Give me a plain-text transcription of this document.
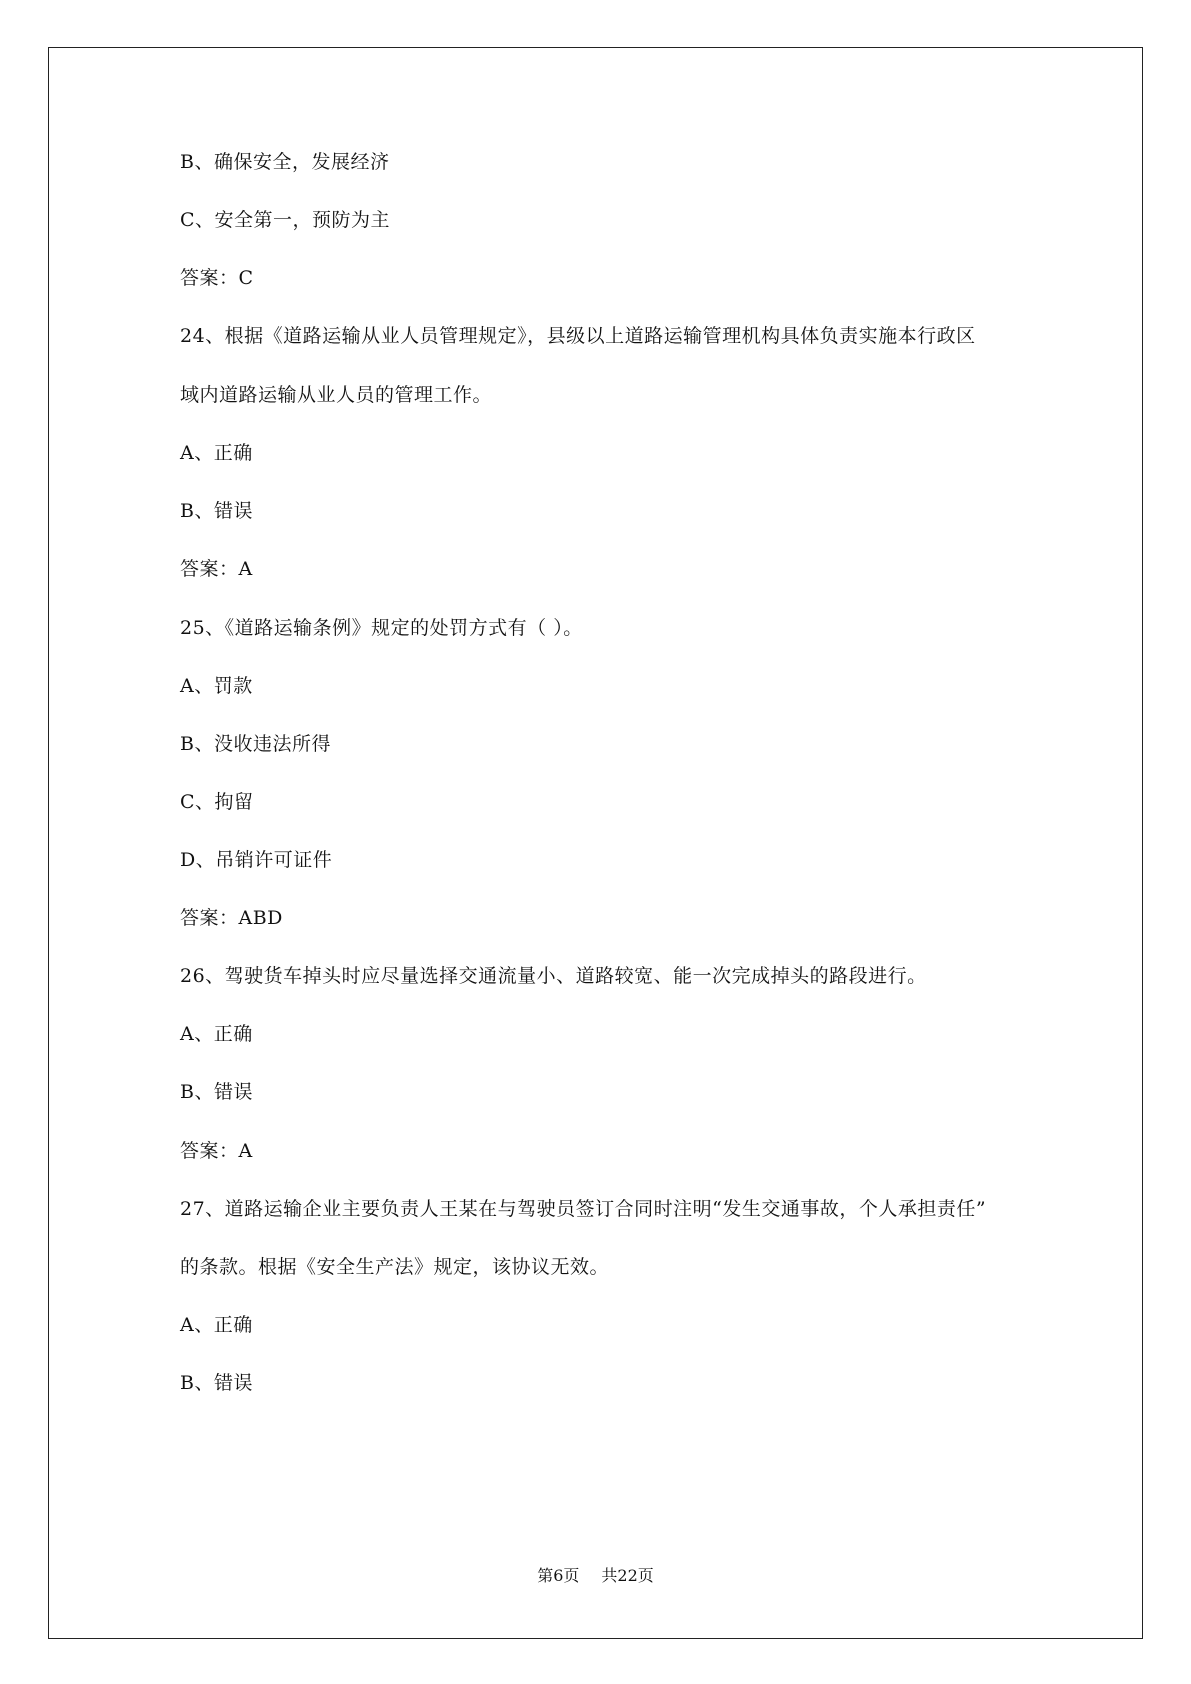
B、确保安全，发展经济
C、安全第一，预防为主
答案：C
24、根据《道路运输从业人员管理规定》，县级以上道路运输管理机构具体负责实施本行政区
域内道路运输从业人员的管理工作。
A、正确
B、错误
答案：A
25、《道路运输条例》规定的处罚方式有（ ）。
A、罚款
B、没收违法所得
C、拘留
D、吊销许可证件
答案：ABD
26、驾驶货车掉头时应尽量选择交通流量小、道路较宽、能一次完成掉头的路段进行。
A、正确
B、错误
答案：A
27、道路运输企业主要负责人王某在与驾驶员签订合同时注明“发生交通事故，个人承担责任”
的条款。根据《安全生产法》规定，该协议无效。
A、正确
B、错误
第6页 共22页
